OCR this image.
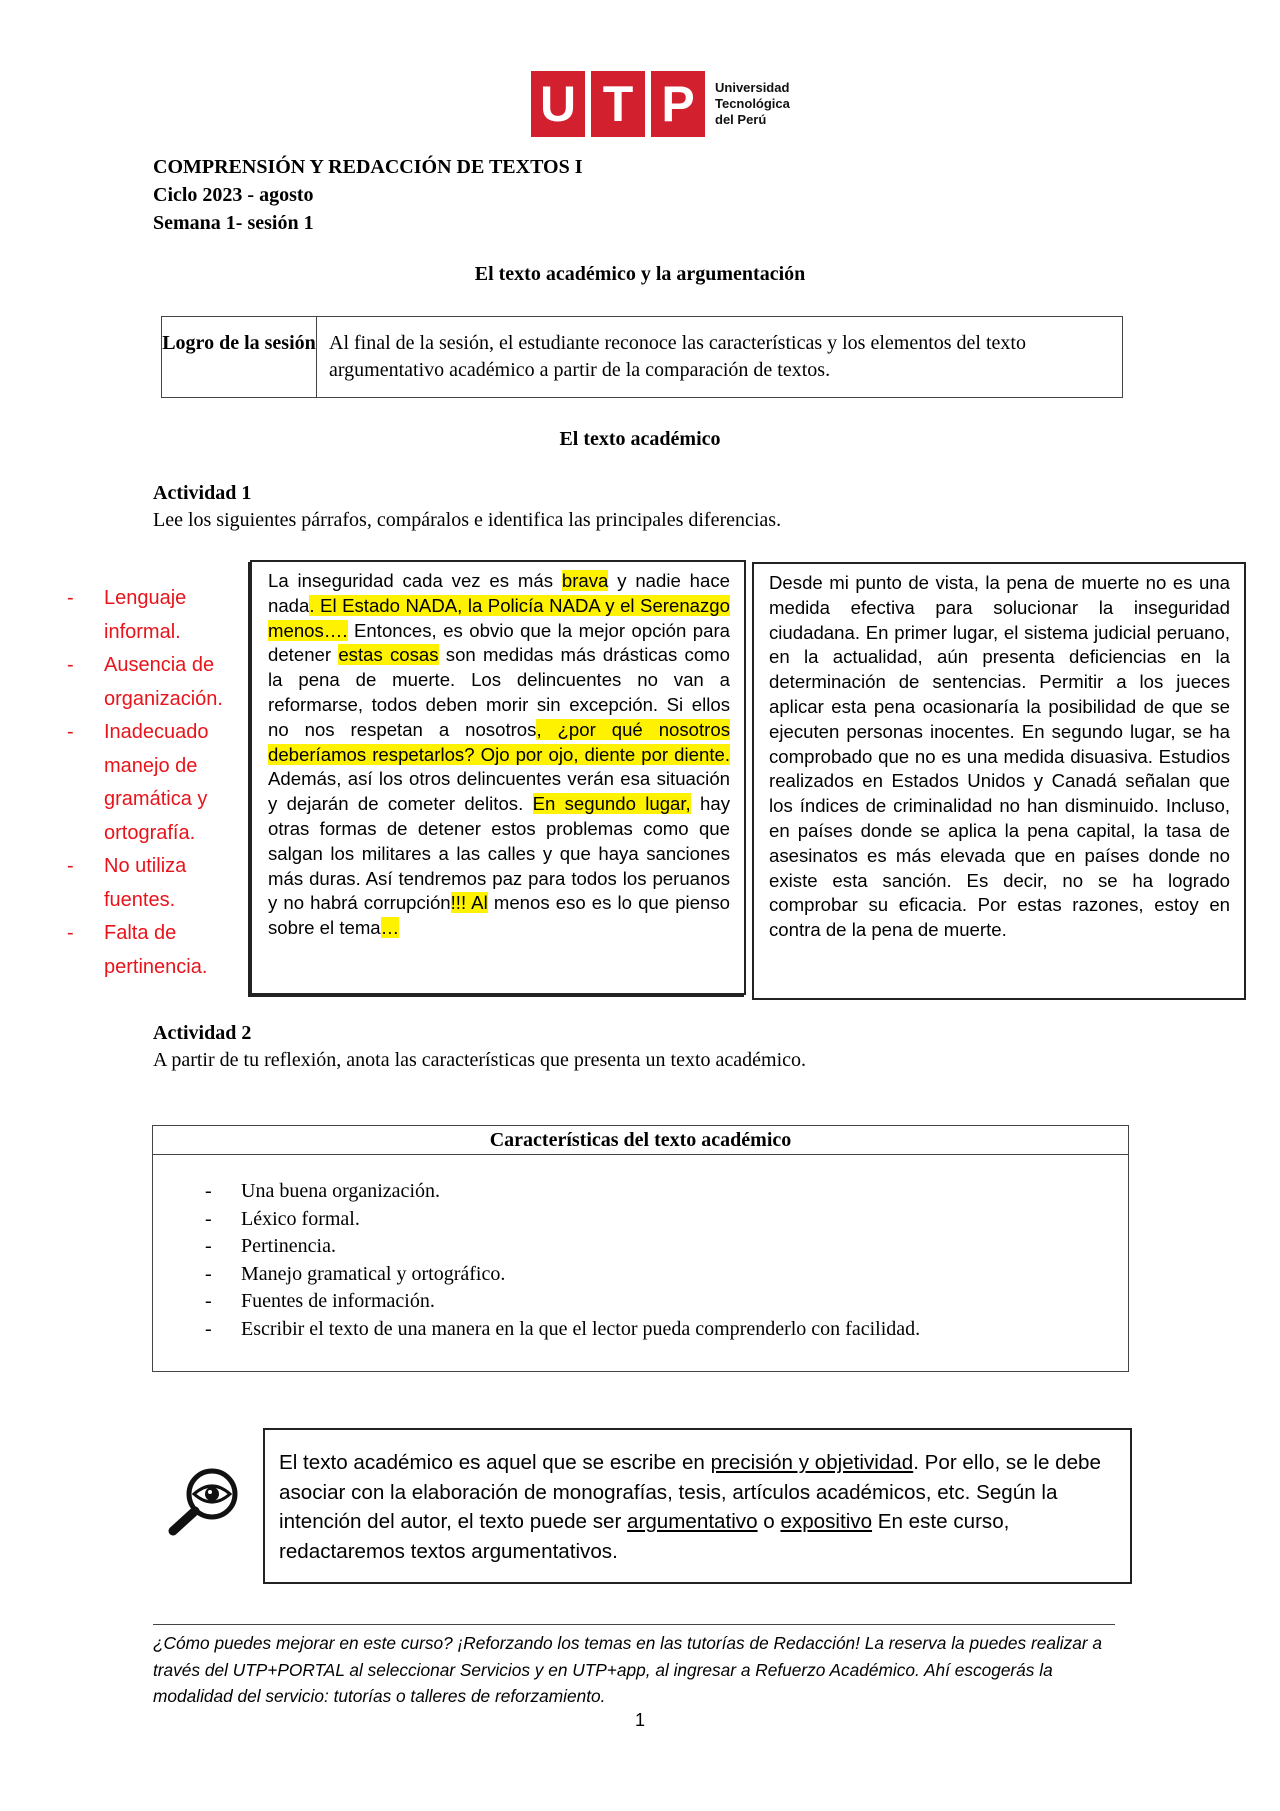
U T P	Universidad
Tecnológica
del Perú
COMPRENSIÓN Y REDACCIÓN DE TEXTOS I
Ciclo 2023 - agosto
Semana 1- sesión 1
El texto académico y la argumentación
Logro de la sesión Al final de la sesión, el estudiante reconoce las características y los elementos del texto argumentativo académico a partir de la comparación de textos.
El texto académico
Actividad 1
Lee los siguientes párrafos, compáralos e identifica las principales diferencias.
- Lenguaje informal.
- Ausencia de organización.
- Inadecuado manejo de gramática y ortografía.
- No utiliza fuentes.
- Falta de pertinencia.
La inseguridad cada vez es más brava y nadie hace nada. El Estado NADA, la Policía NADA y el Serenazgo menos…. Entonces, es obvio que la mejor opción para detener estas cosas son medidas más drásticas como la pena de muerte. Los delincuentes no van a reformarse, todos deben morir sin excepción. Si ellos no nos respetan a nosotros, ¿por qué nosotros deberíamos respetarlos? Ojo por ojo, diente por diente. Además, así los otros delincuentes verán esa situación y dejarán de cometer delitos. En segundo lugar, hay otras formas de detener estos problemas como que salgan los militares a las calles y que haya sanciones más duras. Así tendremos paz para todos los peruanos y no habrá corrupción!!! Al menos eso es lo que pienso sobre el tema…
Desde mi punto de vista, la pena de muerte no es una medida efectiva para solucionar la inseguridad ciudadana. En primer lugar, el sistema judicial peruano, en la actualidad, aún presenta deficiencias en la determinación de sentencias. Permitir a los jueces aplicar esta pena ocasionaría la posibilidad de que se ejecuten personas inocentes. En segundo lugar, se ha comprobado que no es una medida disuasiva. Estudios realizados en Estados Unidos y Canadá señalan que los índices de criminalidad no han disminuido. Incluso, en países donde se aplica la pena capital, la tasa de asesinatos es más elevada que en países donde no existe esta sanción. Es decir, no se ha logrado comprobar su eficacia. Por estas razones, estoy en contra de la pena de muerte.
Actividad 2
A partir de tu reflexión, anota las características que presenta un texto académico.
Características del texto académico
- Una buena organización.
- Léxico formal.
- Pertinencia.
- Manejo gramatical y ortográfico.
- Fuentes de información.
- Escribir el texto de una manera en la que el lector pueda comprenderlo con facilidad.
El texto académico es aquel que se escribe en precisión y objetividad. Por ello, se le debe asociar con la elaboración de monografías, tesis, artículos académicos, etc. Según la intención del autor, el texto puede ser argumentativo o expositivo En este curso, redactaremos textos argumentativos.
¿Cómo puedes mejorar en este curso? ¡Reforzando los temas en las tutorías de Redacción! La reserva la puedes realizar a través del UTP+PORTAL al seleccionar Servicios y en UTP+app, al ingresar a Refuerzo Académico. Ahí escogerás la modalidad del servicio: tutorías o talleres de reforzamiento.
1
